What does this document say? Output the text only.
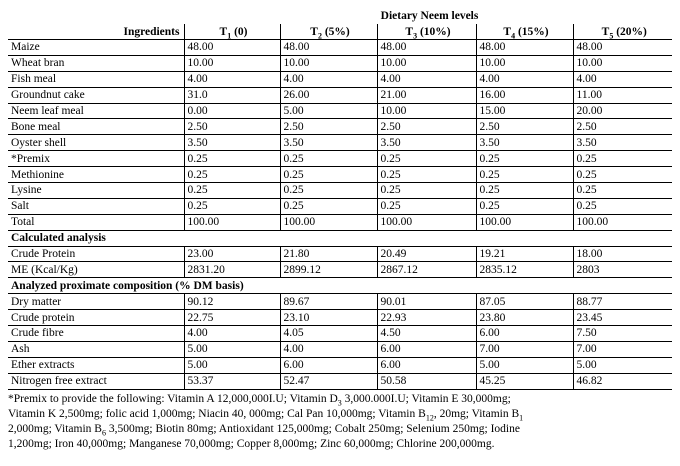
	Dietary Neem levels				
Ingredients	$T_1$ (0)	$T_2$ (5%)	$T_3$ (10%)	$T_4$ (15%)	$T_5$ (20%)
Maize	48.00	48.00	48.00	48.00	48.00
Wheat bran	10.00	10.00	10.00	10.00	10.00
Fish meal	4.00	4.00	4.00	4.00	4.00
Groundnut cake	31.0	26.00	21.00	16.00	11.00
Neem leaf meal	0.00	5.00	10.00	15.00	20.00
Bone meal	2.50	2.50	2.50	2.50	2.50
Oyster shell	3.50	3.50	3.50	3.50	3.50
*Premix	0.25	0.25	0.25	0.25	0.25
Methionine	0.25	0.25	0.25	0.25	0.25
Lysine	0.25	0.25	0.25	0.25	0.25
Salt	0.25	0.25	0.25	0.25	0.25
Total	100.00	100.00	100.00	100.00	100.00
Calculated analysis					
Crude Protein	23.00	21.80	20.49	19.21	18.00
ME (Kcal/Kg)	2831.20	2899.12	2867.12	2835.12	2803
Analyzed proximate composition (% DM basis)					
Dry matter	90.12	89.67	90.01	87.05	88.77
Crude protein	22.75	23.10	22.93	23.80	23.45
Crude fibre	4.00	4.05	4.50	6.00	7.50
Ash	5.00	4.00	6.00	7.00	7.00
Ether extracts	5.00	6.00	6.00	5.00	5.00
Nitrogen free extract	53.37	52.47	50.58	45.25	46.82
*Premix to provide the following: Vitamin A 12,000,000I.U; Vitamin $D_3$ 3,000.000I.U; Vitamin E 30,000mg;
Vitamin K 2,500mg; folic acid 1,000mg; Niacin 40, 000mg; Cal Pan 10,000mg; Vitamin $B_{12}$, 20mg; Vitamin $B_1$
2,000mg; Vitamin $B_6$ 3,500mg; Biotin 80mg; Antioxidant 125,000mg; Cobalt 250mg; Selenium 250mg; Iodine
1,200mg; Iron 40,000mg; Manganese 70,000mg; Copper 8,000mg; Zinc 60,000mg; Chlorine 200,000mg.
